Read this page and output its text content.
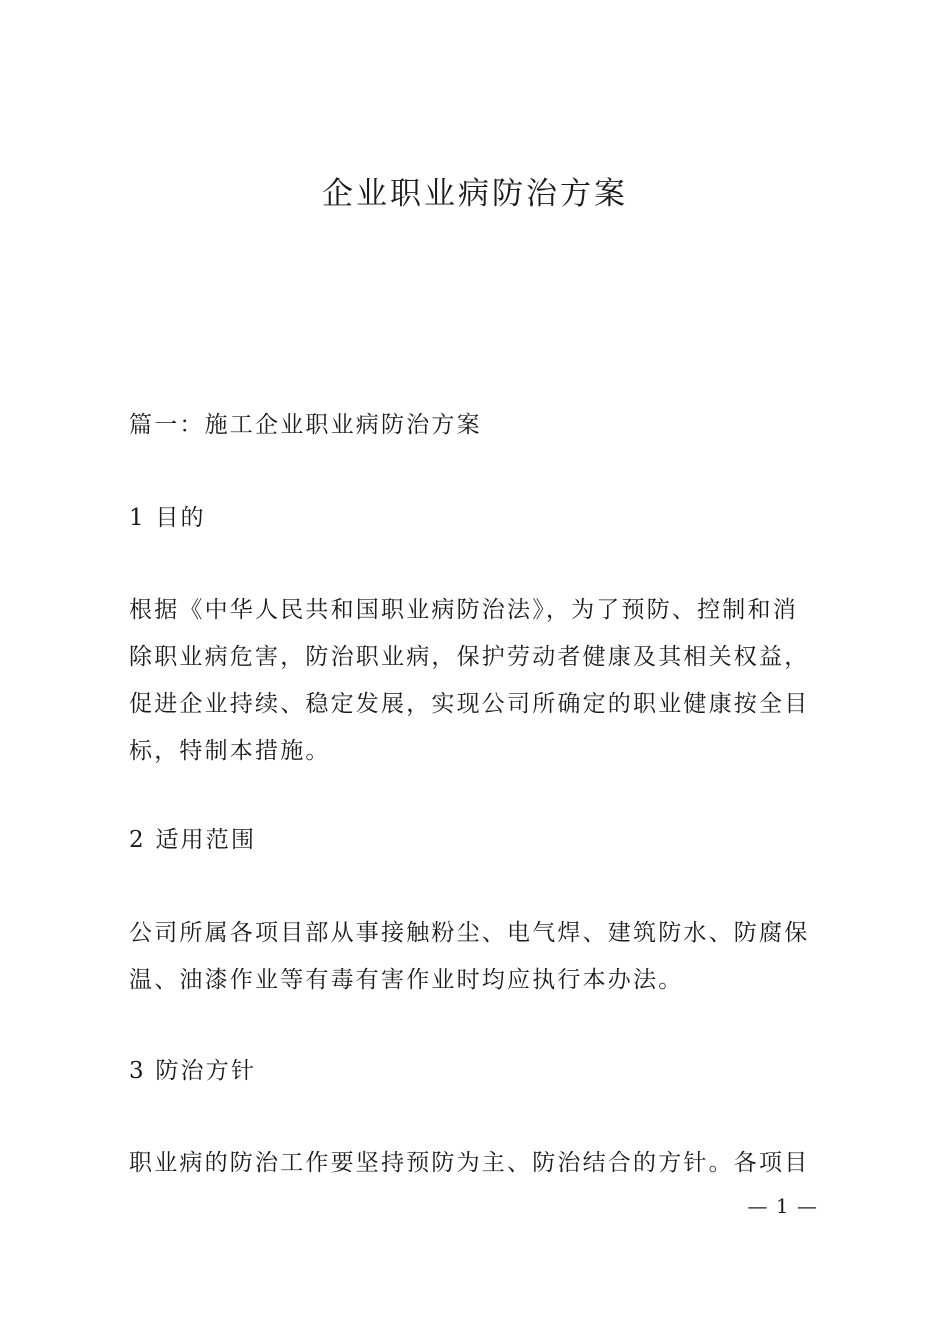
企业职业病防治方案
篇一：施工企业职业病防治方案
1 目的
根据《中华人民共和国职业病防治法》，为了预防、控制和消
除职业病危害，防治职业病，保护劳动者健康及其相关权益，
促进企业持续、稳定发展，实现公司所确定的职业健康按全目
标，特制本措施。
2 适用范围
公司所属各项目部从事接触粉尘、电气焊、建筑防水、防腐保
温、油漆作业等有毒有害作业时均应执行本办法。
3 防治方针
职业病的防治工作要坚持预防为主、防治结合的方针。各项目
— 1 —
